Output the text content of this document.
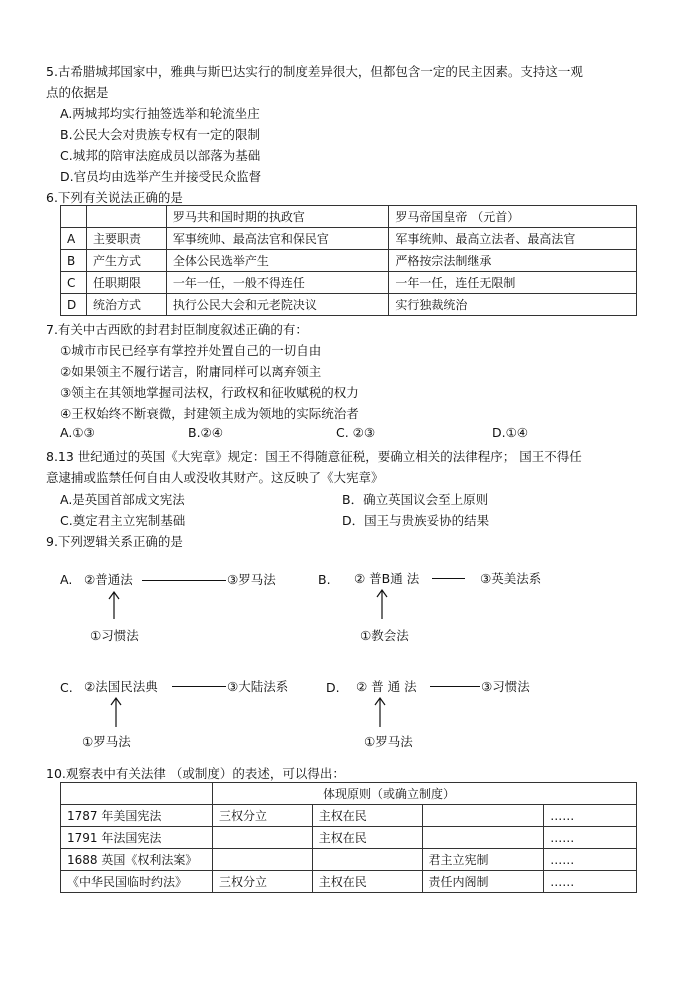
5.古希腊城邦国家中，雅典与斯巴达实行的制度差异很大，但都包含一定的民主因素。支持这一观
点的依据是
A.两城邦均实行抽签选举和轮流坐庄
B.公民大会对贵族专权有一定的限制
C.城邦的陪审法庭成员以部落为基础
D.官员均由选举产生并接受民众监督
6.下列有关说法正确的是
		罗马共和国时期的执政官	罗马帝国皇帝 （元首）
A	主要职责	军事统帅、最高法官和保民官	军事统帅、最高立法者、最高法官
B	产生方式	全体公民选举产生	严格按宗法制继承
C	任职期限	一年一任，一般不得连任	一年一任，连任无限制
D	统治方式	执行公民大会和元老院决议	实行独裁统治
7.有关中古西欧的封君封臣制度叙述正确的有：
①城市市民已经享有掌控并处置自己的一切自由
②如果领主不履行诺言，附庸同样可以离弃领主
③领主在其领地掌握司法权，行政权和征收赋税的权力
④王权始终不断衰微，封建领主成为领地的实际统治者
A.①③	B.②④	C. ②③	D.①④
8.13 世纪通过的英国《大宪章》规定：国王不得随意征税，要确立相关的法律程序； 国王不得任
意逮捕或监禁任何自由人或没收其财产。这反映了《大宪章》
A.是英国首部成文宪法	B．确立英国议会至上原则
C.奠定君主立宪制基础	D．国王与贵族妥协的结果
9.下列逻辑关系正确的是
A. ②普通法	③罗马法
①习惯法
B. ② 普B通 法	③英美法系
①教会法
C. ②法国民法典	③大陆法系
①罗马法
D. ② 普 通 法	③习惯法
①罗马法
10.观察表中有关法律 （或制度）的表述，可以得出：
	体现原则（或确立制度）			
1787 年美国宪法	三权分立	主权在民		……
1791 年法国宪法		主权在民		……
1688 英国《权利法案》			君主立宪制	……
《中华民国临时约法》	三权分立	主权在民	责任内阁制	……
